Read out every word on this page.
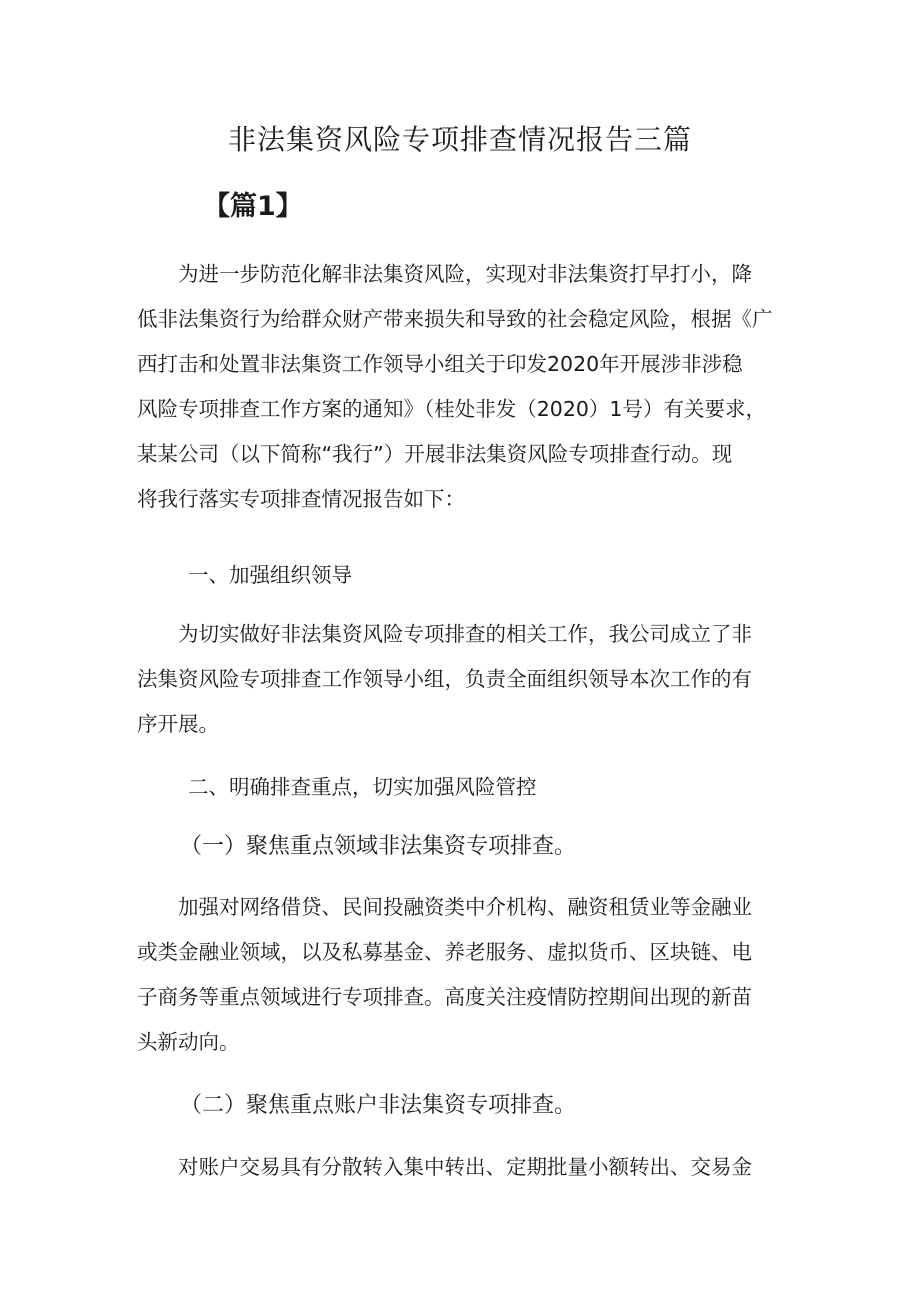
非法集资风险专项排查情况报告三篇
【篇1】

为进一步防范化解非法集资风险，实现对非法集资打早打小，降
低非法集资行为给群众财产带来损失和导致的社会稳定风险，根据《广
西打击和处置非法集资工作领导小组关于印发2020年开展涉非涉稳
风险专项排查工作方案的通知》（桂处非发（2020）1号）有关要求，
某某公司（以下简称“我行”）开展非法集资风险专项排查行动。现
将我行落实专项排查情况报告如下：

一、加强组织领导

为切实做好非法集资风险专项排查的相关工作，我公司成立了非
法集资风险专项排查工作领导小组，负责全面组织领导本次工作的有
序开展。

二、明确排查重点，切实加强风险管控

（一）聚焦重点领域非法集资专项排查。

加强对网络借贷、民间投融资类中介机构、融资租赁业等金融业
或类金融业领域，以及私募基金、养老服务、虚拟货币、区块链、电
子商务等重点领域进行专项排查。高度关注疫情防控期间出现的新苗
头新动向。

（二）聚焦重点账户非法集资专项排查。

对账户交易具有分散转入集中转出、定期批量小额转出、交易金
